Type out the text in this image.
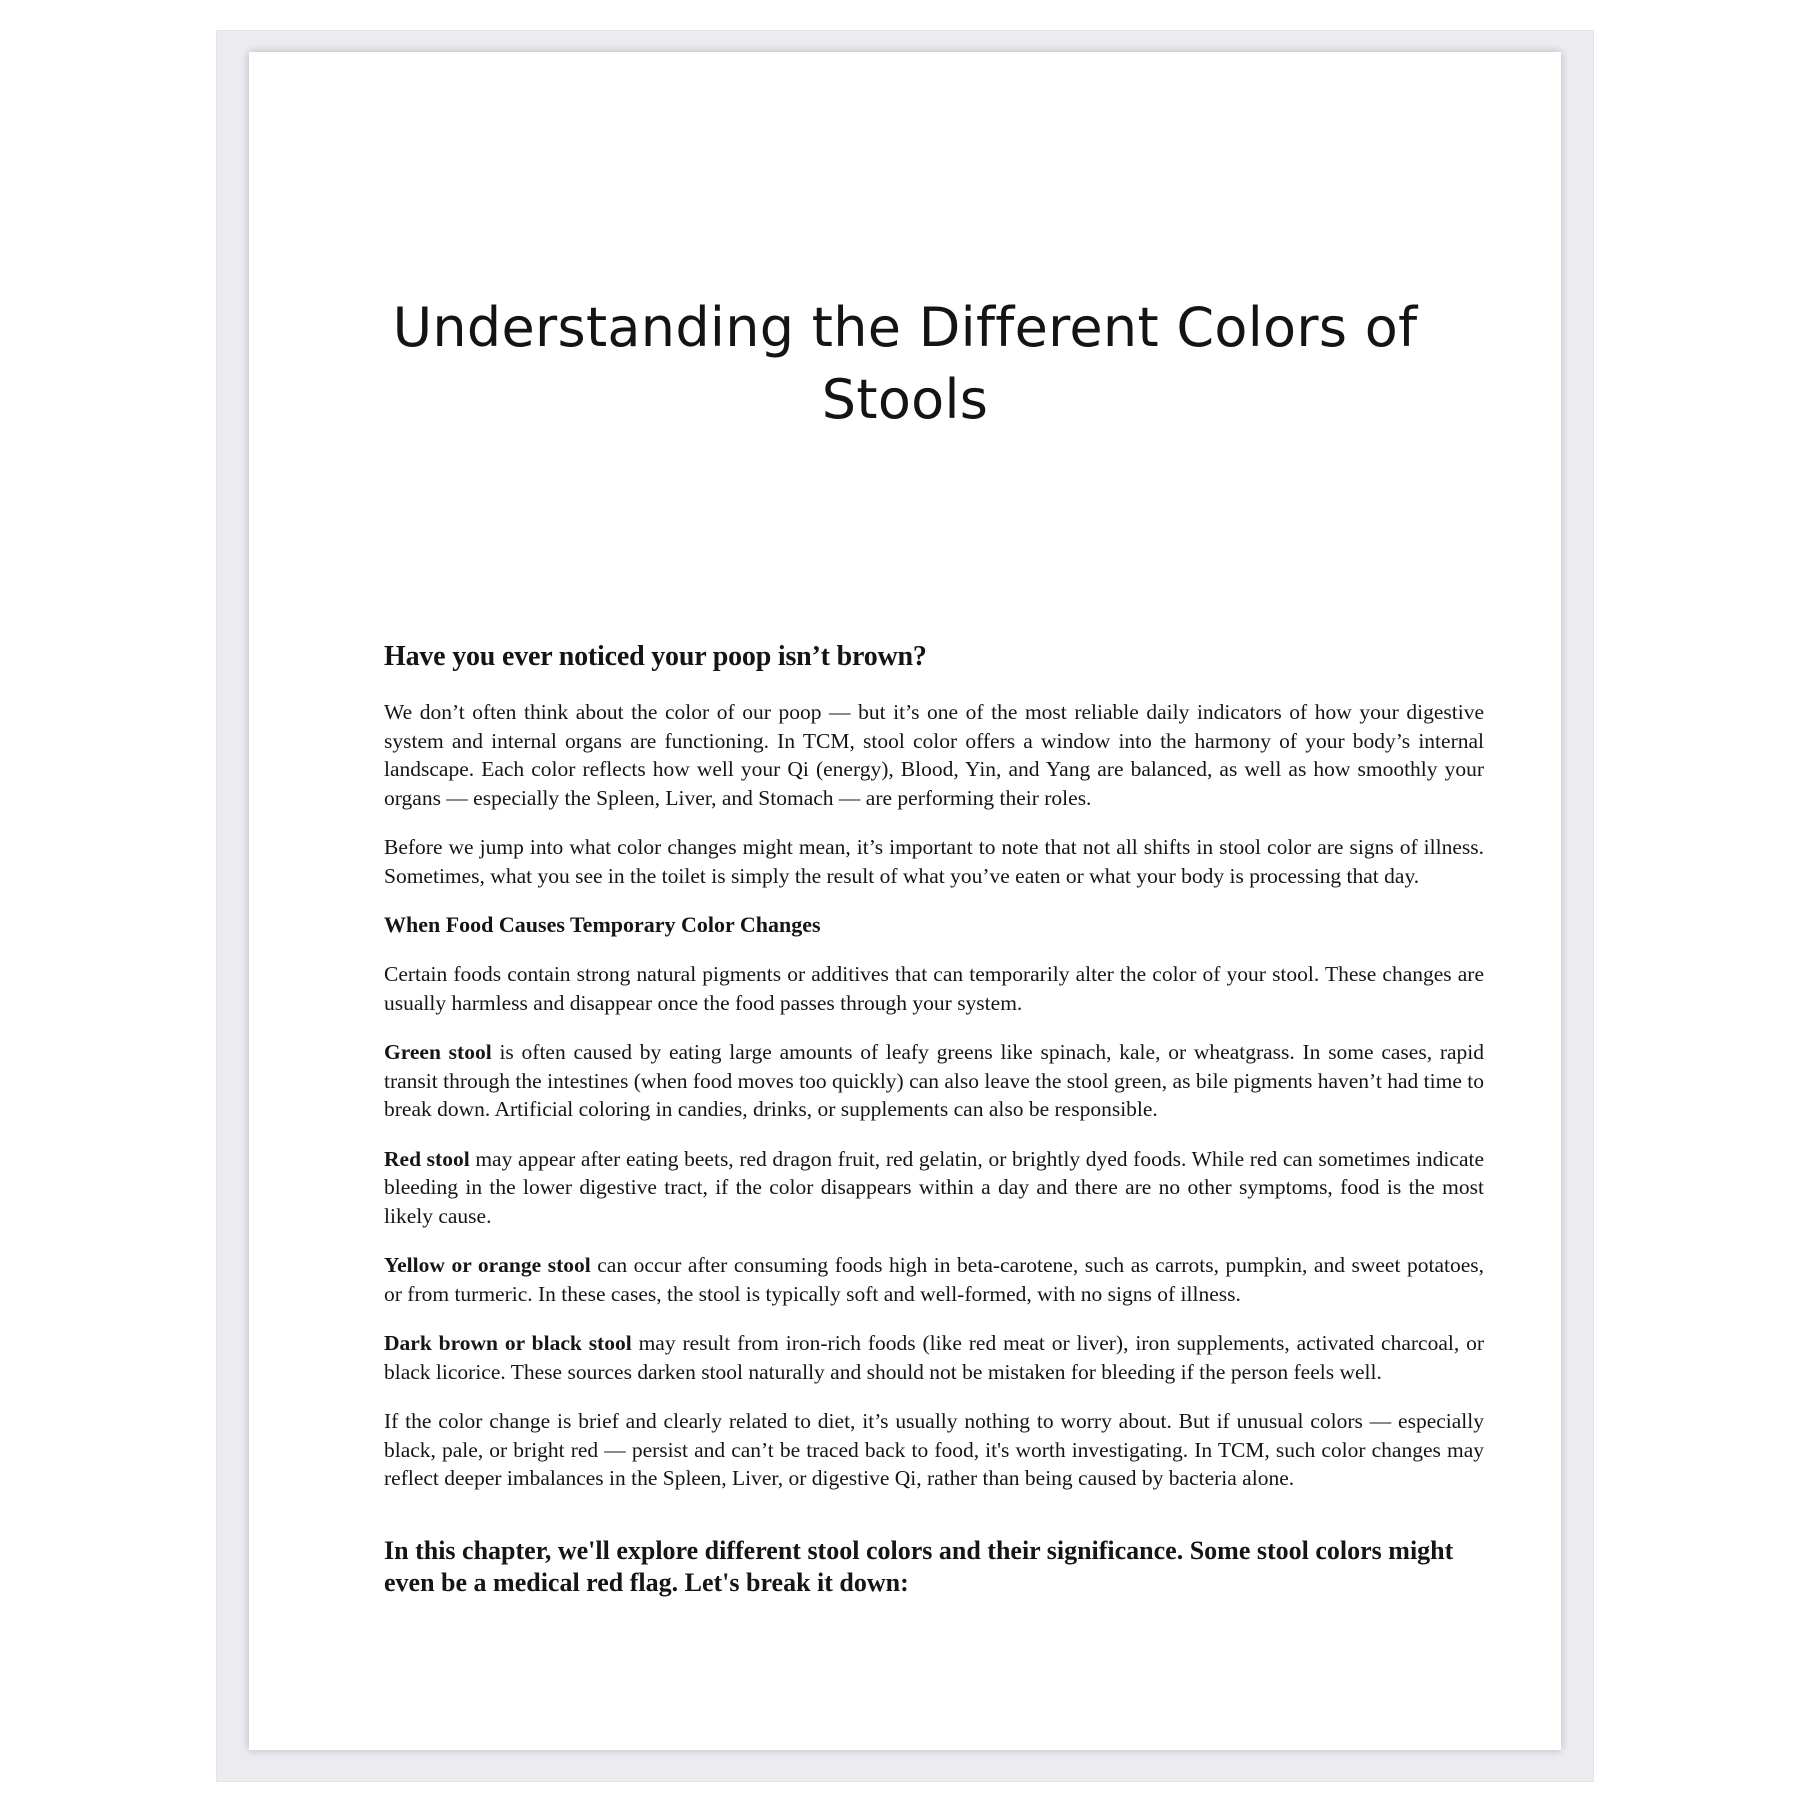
Understanding the Different Colors of Stools
Have you ever noticed your poop isn’t brown?

We don’t often think about the color of our poop — but it’s one of the most reliable daily indicators of how your digestive system and internal organs are functioning. In TCM, stool color offers a window into the harmony of your body’s internal landscape. Each color reflects how well your Qi (energy), Blood, Yin, and Yang are balanced, as well as how smoothly your organs — especially the Spleen, Liver, and Stomach — are performing their roles.

Before we jump into what color changes might mean, it’s important to note that not all shifts in stool color are signs of illness. Sometimes, what you see in the toilet is simply the result of what you’ve eaten or what your body is processing that day.

When Food Causes Temporary Color Changes

Certain foods contain strong natural pigments or additives that can temporarily alter the color of your stool. These changes are usually harmless and disappear once the food passes through your system.

Green stool is often caused by eating large amounts of leafy greens like spinach, kale, or wheatgrass. In some cases, rapid transit through the intestines (when food moves too quickly) can also leave the stool green, as bile pigments haven’t had time to break down. Artificial coloring in candies, drinks, or supplements can also be responsible.

Red stool may appear after eating beets, red dragon fruit, red gelatin, or brightly dyed foods. While red can sometimes indicate bleeding in the lower digestive tract, if the color disappears within a day and there are no other symptoms, food is the most likely cause.

Yellow or orange stool can occur after consuming foods high in beta-carotene, such as carrots, pumpkin, and sweet potatoes, or from turmeric. In these cases, the stool is typically soft and well-formed, with no signs of illness.

Dark brown or black stool may result from iron-rich foods (like red meat or liver), iron supplements, activated charcoal, or black licorice. These sources darken stool naturally and should not be mistaken for bleeding if the person feels well.

If the color change is brief and clearly related to diet, it’s usually nothing to worry about. But if unusual colors — especially black, pale, or bright red — persist and can’t be traced back to food, it's worth investigating. In TCM, such color changes may reflect deeper imbalances in the Spleen, Liver, or digestive Qi, rather than being caused by bacteria alone.

In this chapter, we'll explore different stool colors and their significance. Some stool colors might even be a medical red flag. Let's break it down:
